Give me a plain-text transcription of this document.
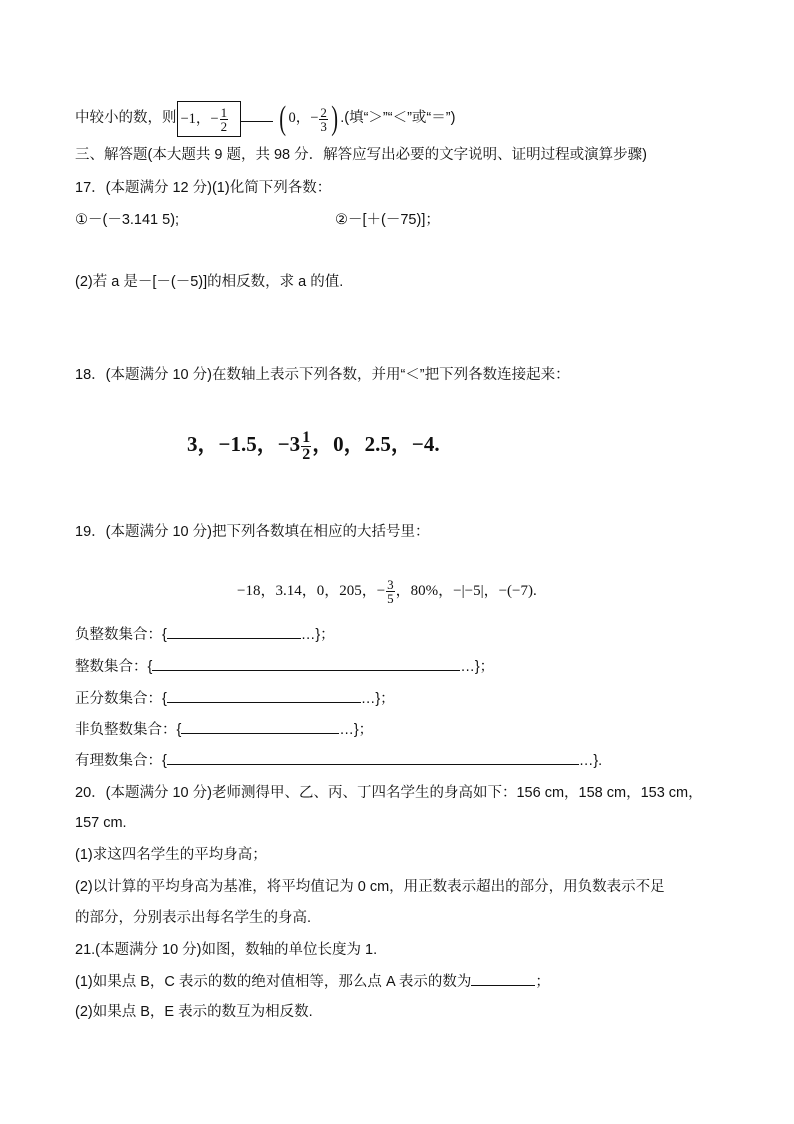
中较小的数，则 −1，− $\frac{1}{2}$ ( 0，− $\frac{2}{3}$ ) .(填“＞”“＜”或“＝”)
三、解答题(本大题共 9 题，共 98 分．解答应写出必要的文字说明、证明过程或演算步骤)
17．(本题满分 12 分)(1)化简下列各数：
①－(－3.141 5);	②－[＋(－75)]；
(2)若 a 是－[－(－5)]的相反数，求 a 的值.
18．(本题满分 10 分)在数轴上表示下列各数，并用“＜”把下列各数连接起来：
3，−1.5，$-3 \frac{1}{2}$ ，0，2.5，−4.
19．(本题满分 10 分)把下列各数填在相应的大括号里：
−18，3.14，0，205，− $\frac{3}{5}$ ，80%，−|−5|，−(−7).
负整数集合：{	…}；
整数集合：{	…}；
正分数集合：{	…}；
非负整数集合：{	…}；
有理数集合：{	…}.
20．(本题满分 10 分)老师测得甲、乙、丙、丁四名学生的身高如下：156 cm，158 cm，153 cm，
157 cm.
(1)求这四名学生的平均身高；
(2)以计算的平均身高为基准，将平均值记为 0 cm，用正数表示超出的部分，用负数表示不足
的部分，分别表示出每名学生的身高.
21.(本题满分 10 分)如图，数轴的单位长度为 1.
(1)如果点 B，C 表示的数的绝对值相等，那么点 A 表示的数为	；
(2)如果点 B，E 表示的数互为相反数.
